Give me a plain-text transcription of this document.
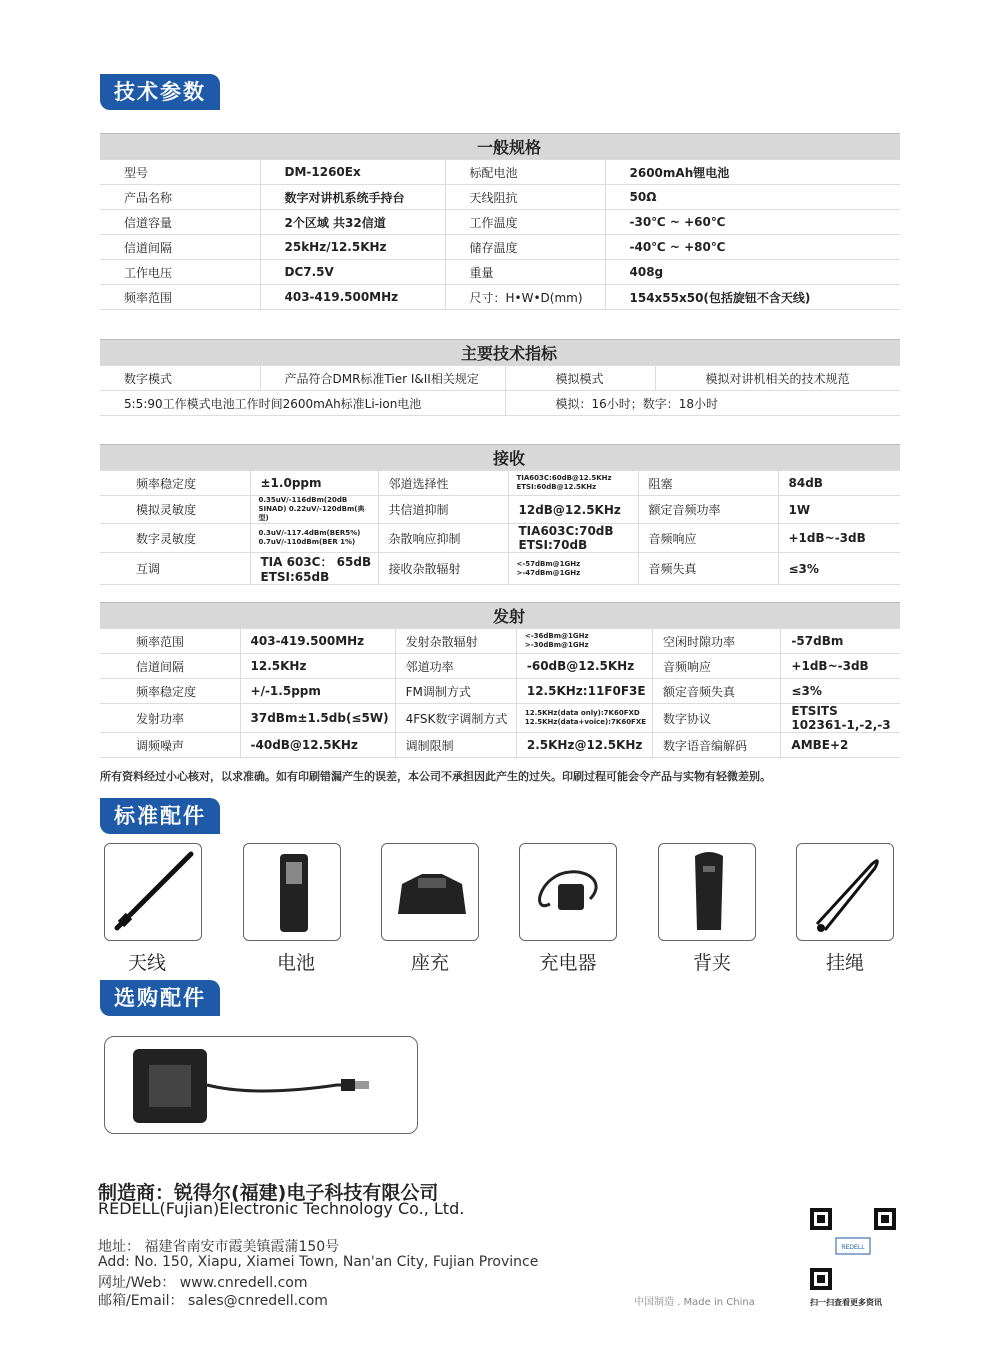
技术参数
一般规格			
型号	DM-1260Ex	标配电池	2600mAh锂电池
产品名称	数字对讲机系统手持台	天线阻抗	50Ω
信道容量	2个区域 共32信道	工作温度	-30℃ ~ +60℃
信道间隔	25kHz/12.5KHz	储存温度	-40℃ ~ +80℃
工作电压	DC7.5V	重量	408g
频率范围	403-419.500MHz	尺寸：H•W•D(mm)	154x55x50(包括旋钮不含天线)
主要技术指标			
数字模式	产品符合DMR标准Tier I&II相关规定	模拟模式	模拟对讲机相关的技术规范
5:5:90工作模式电池工作时间2600mAh标准Li-ion电池		模拟：16小时；数字：18小时	
接收					
频率稳定度	±1.0ppm	邻道选择性	TIA603C:60dB@12.5KHz ETSI:60dB@12.5KHz	阻塞	84dB
模拟灵敏度	0.35uV/-116dBm(20dB SINAD) 0.22uV/-120dBm(典型)	共信道抑制	12dB@12.5KHz	额定音频功率	1W
数字灵敏度	0.3uV/-117.4dBm(BER5%) 0.7uV/-110dBm(BER 1%)	杂散响应抑制	TIA603C:70dB ETSI:70dB	音频响应	+1dB~-3dB
互调	TIA 603C： 65dB ETSI:65dB	接收杂散辐射	<-57dBm@1GHz >-47dBm@1GHz	音频失真	≤3%
发射					
频率范围	403-419.500MHz	发射杂散辐射	<-36dBm@1GHz >-30dBm@1GHz	空闲时隙功率	-57dBm
信道间隔	12.5KHz	邻道功率	-60dB@12.5KHz	音频响应	+1dB~-3dB
频率稳定度	+/-1.5ppm	FM调制方式	12.5KHz:11F0F3E	额定音频失真	≤3%
发射功率	37dBm±1.5db(≤5W)	4FSK数字调制方式	12.5KHz(data only):7K60FXD 12.5KHz(data+voice):7K60FXE	数字协议	ETSITS 102361-1,-2,-3
调频噪声	-40dB@12.5KHz	调制限制	2.5KHz@12.5KHz	数字语音编解码	AMBE+2
所有资料经过小心核对，以求准确。如有印刷错漏产生的误差，本公司不承担因此产生的过失。印刷过程可能会令产品与实物有轻微差别。
标准配件
天线	电池	座充	充电器	背夹	挂绳
选购配件
制造商：锐得尔(福建)电子科技有限公司
REDELL(Fujian)Electronic Technology Co., Ltd.
地址： 福建省南安市霞美镇霞蒲150号
Add: No. 150, Xiapu, Xiamei Town, Nan'an City, Fujian Province
网址/Web： www.cnredell.com
邮箱/Email： sales@cnredell.com	中国制造 . Made in China
REDELL
扫一扫查看更多资讯
